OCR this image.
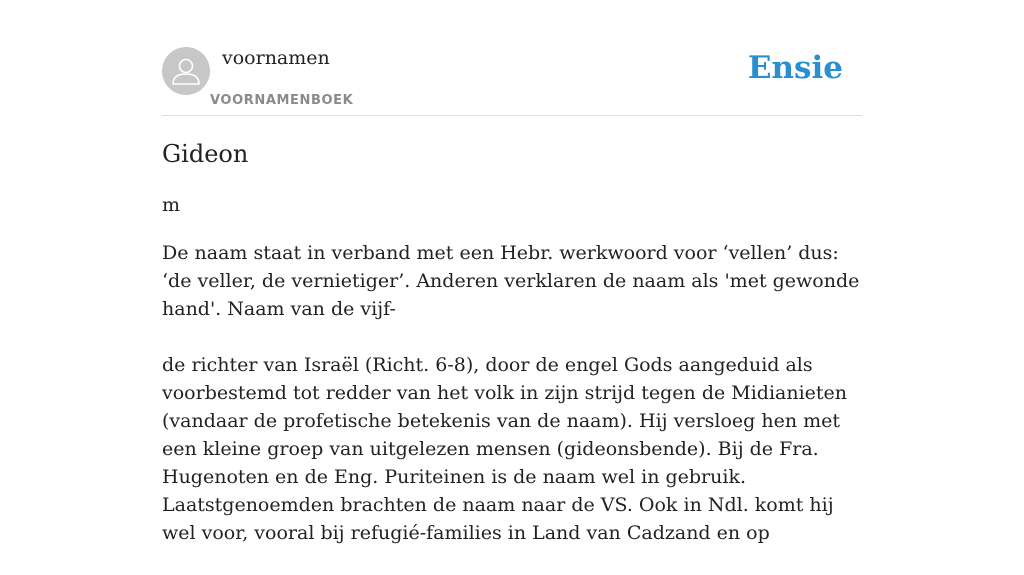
voornamen
VOORNAMENBOEK
Ensie
Gideon
m

De naam staat in verband met een Hebr. werkwoord voor ‘vellen’ dus: ‘de veller, de vernietiger’. Anderen verklaren de naam als 'met gewonde hand'. Naam van de vijf-

de richter van Israël (Richt. 6-8), door de engel Gods aangeduid als voorbestemd tot redder van het volk in zijn strijd tegen de Midianieten (vandaar de profetische betekenis van de naam). Hij versloeg hen met een kleine groep van uitgelezen mensen (gideonsbende). Bij de Fra. Hugenoten en de Eng. Puriteinen is de naam wel in gebruik. Laatstgenoemden brachten de naam naar de VS. Ook in Ndl. komt hij wel voor, vooral bij refugié-families in Land van Cadzand en op
